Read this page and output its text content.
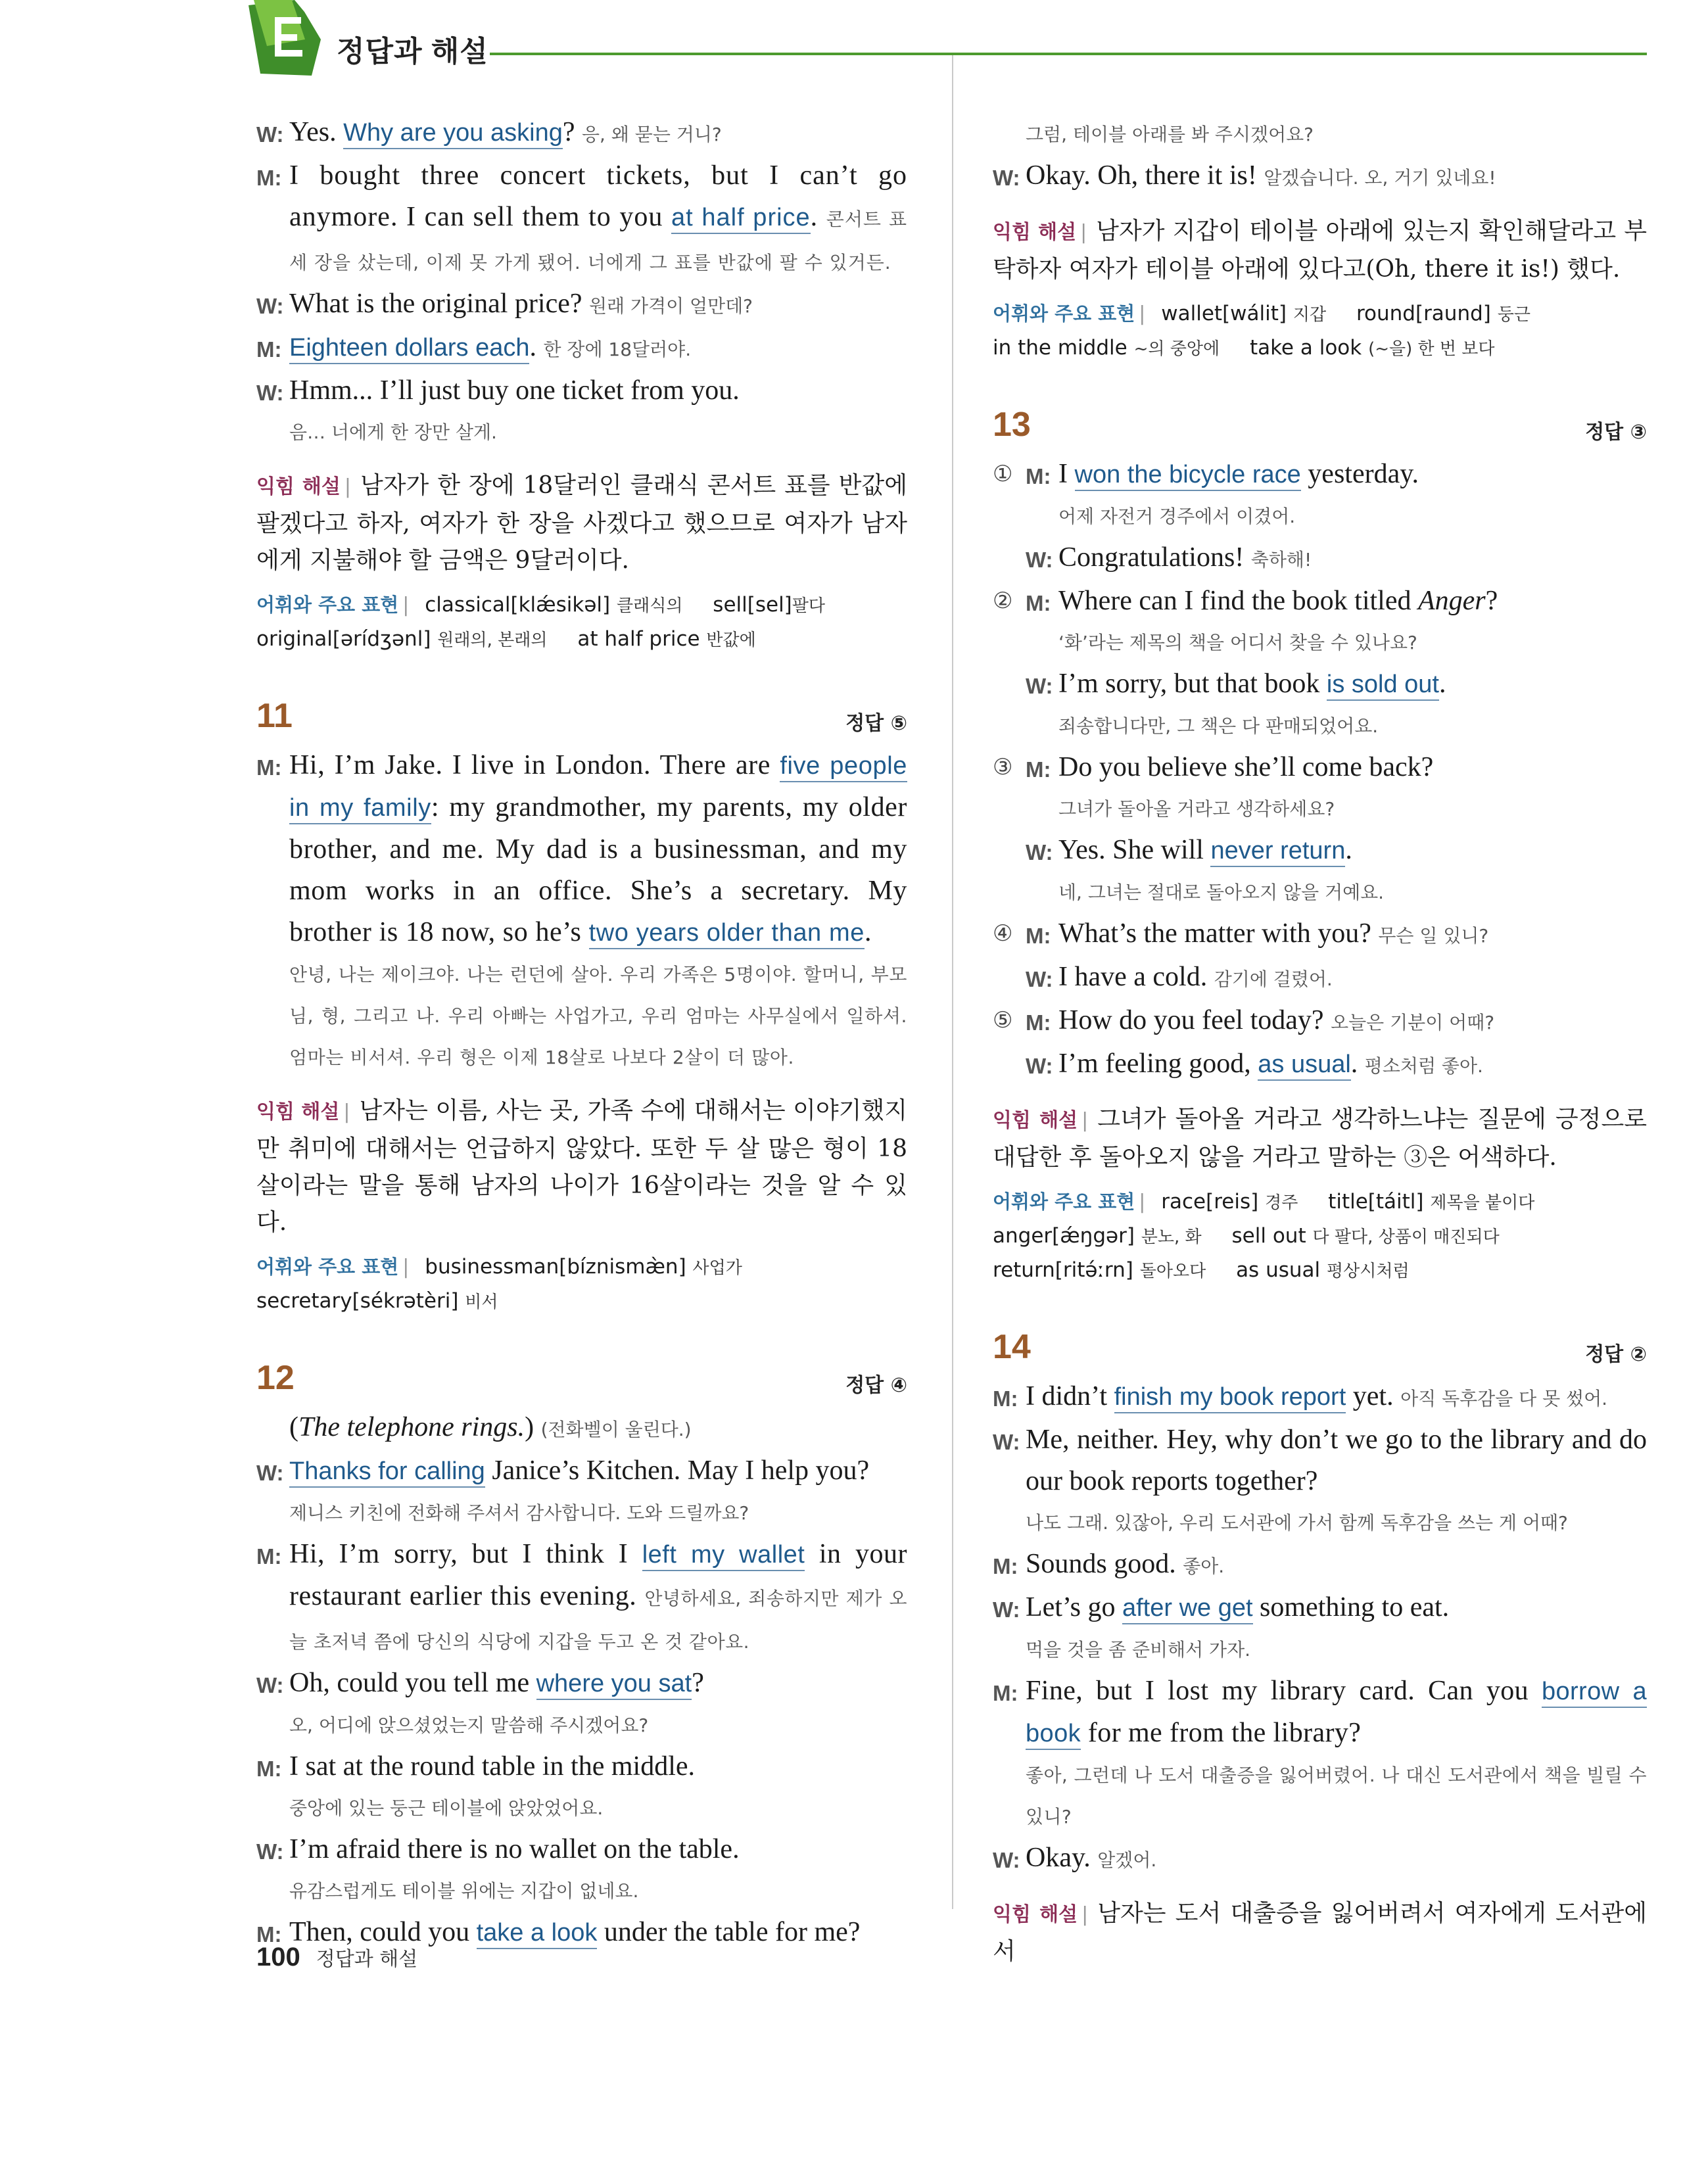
정답과 해설
W: Yes. Why are you asking? 응, 왜 묻는 거니?
M: I bought three concert tickets, but I can’t go anymore. I can sell them to you at half price. 콘서트 표 세 장을 샀는데, 이제 못 가게 됐어. 너에게 그 표를 반값에 팔 수 있거든.
W: What is the original price? 원래 가격이 얼만데?
M: Eighteen dollars each. 한 장에 18달러야.
W: Hmm... I’ll just buy one ticket from you.
음… 너에게 한 장만 살게.
익힘 해설 | 남자가 한 장에 18달러인 클래식 콘서트 표를 반값에 팔겠다고 하자, 여자가 한 장을 사겠다고 했으므로 여자가 남자에게 지불해야 할 금액은 9달러이다.
어휘와 주요 표현 | classical[klǽsikəl] 클래식의 sell[sel]팔다
original[ərídʒənl] 원래의, 본래의 at half price 반값에
11	정답 ⑤
M: Hi, I’m Jake. I live in London. There are five people in my family: my grandmother, my parents, my older brother, and me. My dad is a businessman, and my mom works in an office. She’s a secretary. My brother is 18 now, so he’s two years older than me.
안녕, 나는 제이크야. 나는 런던에 살아. 우리 가족은 5명이야. 할머니, 부모님, 형, 그리고 나. 우리 아빠는 사업가고, 우리 엄마는 사무실에서 일하셔. 엄마는 비서셔. 우리 형은 이제 18살로 나보다 2살이 더 많아.
익힘 해설 | 남자는 이름, 사는 곳, 가족 수에 대해서는 이야기했지만 취미에 대해서는 언급하지 않았다. 또한 두 살 많은 형이 18살이라는 말을 통해 남자의 나이가 16살이라는 것을 알 수 있다.
어휘와 주요 표현 | businessman[bíznismæ̀n] 사업가
secretary[sékrətèri] 비서
12	정답 ④
(The telephone rings.) (전화벨이 울린다.)
W: Thanks for calling Janice’s Kitchen. May I help you?
제니스 키친에 전화해 주셔서 감사합니다. 도와 드릴까요?
M: Hi, I’m sorry, but I think I left my wallet in your restaurant earlier this evening. 안녕하세요, 죄송하지만 제가 오늘 초저녁 쯤에 당신의 식당에 지갑을 두고 온 것 같아요.
W: Oh, could you tell me where you sat?
오, 어디에 앉으셨었는지 말씀해 주시겠어요?
M: I sat at the round table in the middle.
중앙에 있는 둥근 테이블에 앉았었어요.
W: I’m afraid there is no wallet on the table.
유감스럽게도 테이블 위에는 지갑이 없네요.
M: Then, could you take a look under the table for me?
그럼, 테이블 아래를 봐 주시겠어요?
W: Okay. Oh, there it is! 알겠습니다. 오, 거기 있네요!
익힘 해설 | 남자가 지갑이 테이블 아래에 있는지 확인해달라고 부탁하자 여자가 테이블 아래에 있다고(Oh, there it is!) 했다.
어휘와 주요 표현 | wallet[wálit] 지갑 round[raund] 둥근
in the middle ~의 중앙에 take a look (~을) 한 번 보다
13	정답 ③
① M: I won the bicycle race yesterday.
어제 자전거 경주에서 이겼어.
W: Congratulations! 축하해!
② M: Where can I find the book titled Anger?
‘화’라는 제목의 책을 어디서 찾을 수 있나요?
W: I’m sorry, but that book is sold out.
죄송합니다만, 그 책은 다 판매되었어요.
③ M: Do you believe she’ll come back?
그녀가 돌아올 거라고 생각하세요?
W: Yes. She will never return.
네, 그녀는 절대로 돌아오지 않을 거예요.
④ M: What’s the matter with you? 무슨 일 있니?
W: I have a cold. 감기에 걸렸어.
⑤ M: How do you feel today? 오늘은 기분이 어때?
W: I’m feeling good, as usual. 평소처럼 좋아.
익힘 해설 | 그녀가 돌아올 거라고 생각하느냐는 질문에 긍정으로 대답한 후 돌아오지 않을 거라고 말하는 ③은 어색하다.
어휘와 주요 표현 | race[reis] 경주 title[táitl] 제목을 붙이다
anger[ǽŋgər] 분노, 화 sell out 다 팔다, 상품이 매진되다
return[ritə́ːrn] 돌아오다 as usual 평상시처럼
14	정답 ②
M: I didn’t finish my book report yet. 아직 독후감을 다 못 썼어.
W: Me, neither. Hey, why don’t we go to the library and do our book reports together?
나도 그래. 있잖아, 우리 도서관에 가서 함께 독후감을 쓰는 게 어때?
M: Sounds good. 좋아.
W: Let’s go after we get something to eat.
먹을 것을 좀 준비해서 가자.
M: Fine, but I lost my library card. Can you borrow a book for me from the library?
좋아, 그런데 나 도서 대출증을 잃어버렸어. 나 대신 도서관에서 책을 빌릴 수 있니?
W: Okay. 알겠어.
익힘 해설 | 남자는 도서 대출증을 잃어버려서 여자에게 도서관에서
100 정답과 해설
